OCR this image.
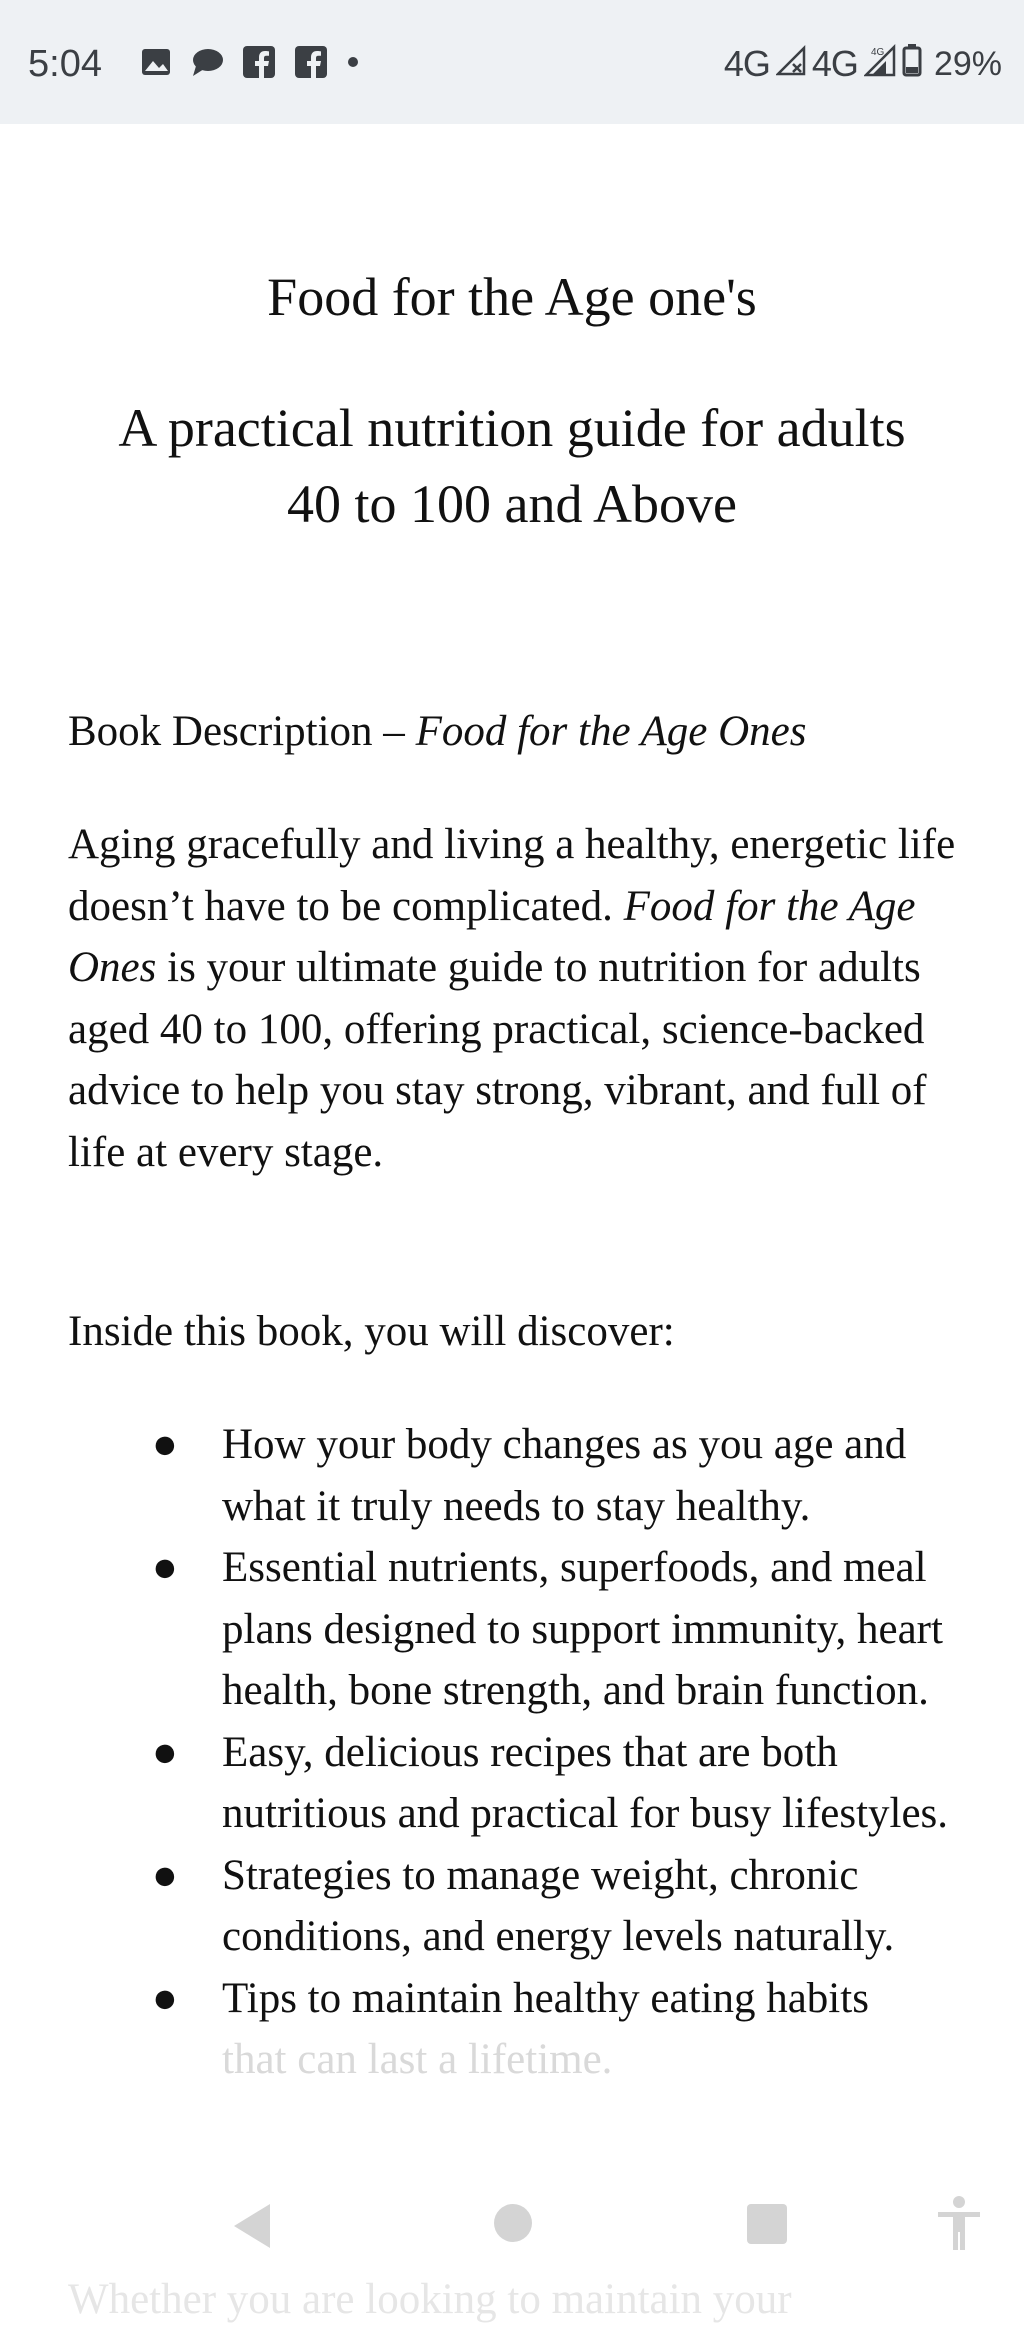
5:04	4G 4G 4G 29%
Food for the Age one's
A practical nutrition guide for adults
40 to 100 and Above

Book Description – Food for the Age Ones

Aging gracefully and living a healthy, energetic life doesn’t have to be complicated. Food for the Age Ones is your ultimate guide to nutrition for adults aged 40 to 100, offering practical, science-backed advice to help you stay strong, vibrant, and full of life at every stage.

Inside this book, you will discover:

● How your body changes as you age and what it truly needs to stay healthy.
● Essential nutrients, superfoods, and meal plans designed to support immunity, heart health, bone strength, and brain function.
● Easy, delicious recipes that are both nutritious and practical for busy lifestyles.
● Strategies to manage weight, chronic conditions, and energy levels naturally.
● Tips to maintain healthy eating habits
that can last a lifetime.

Whether you are looking to maintain your
